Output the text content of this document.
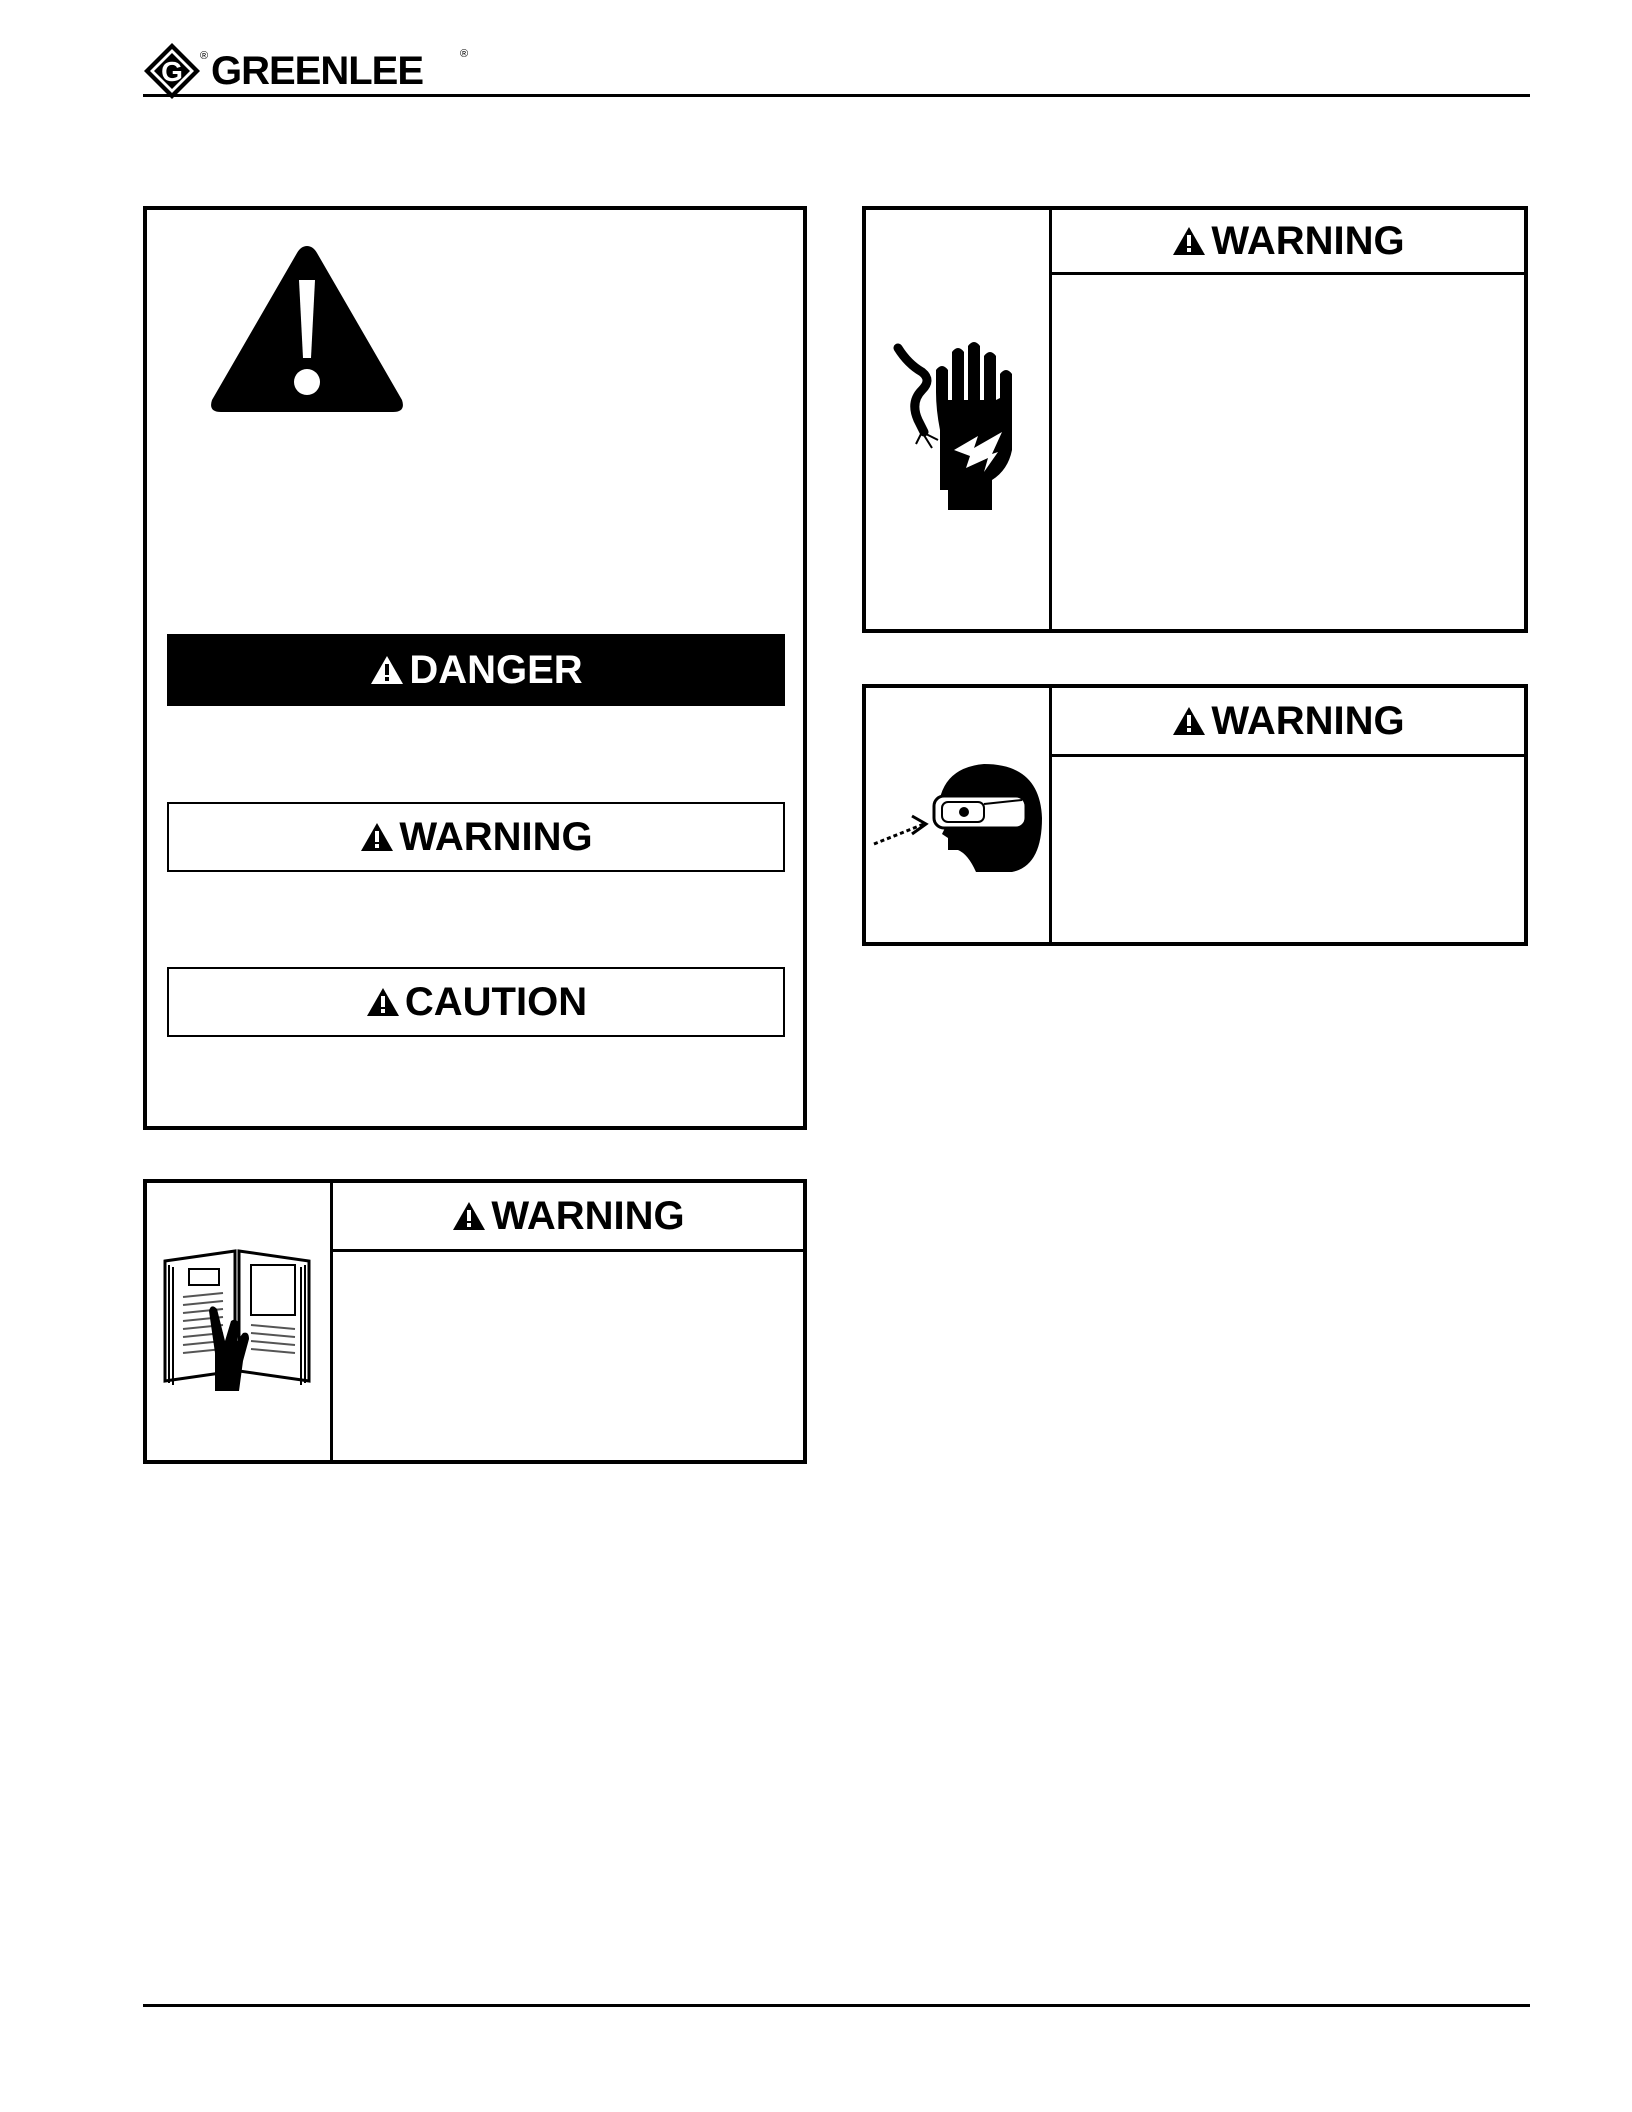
G ® GREENLEE	®
DANGER
WARNING
CAUTION
WARNING
WARNING
WARNING
